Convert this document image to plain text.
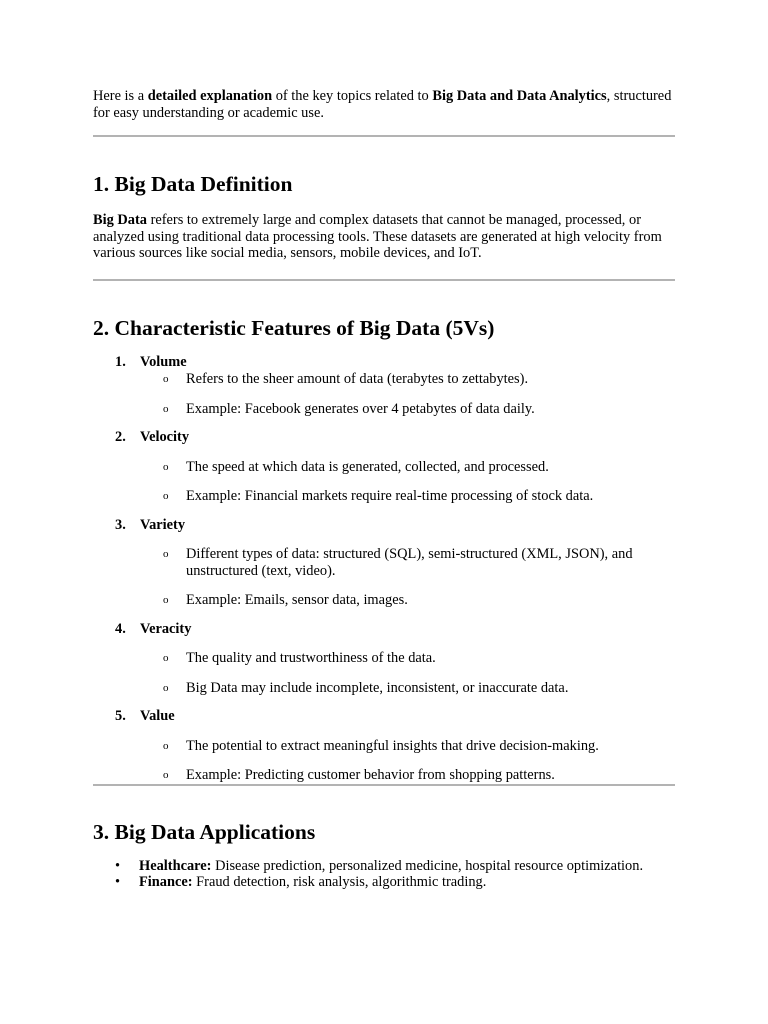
Here is a detailed explanation of the key topics related to Big Data and Data Analytics, structured for easy understanding or academic use.

1. Big Data Definition

Big Data refers to extremely large and complex datasets that cannot be managed, processed, or analyzed using traditional data processing tools. These datasets are generated at high velocity from various sources like social media, sensors, mobile devices, and IoT.

2. Characteristic Features of Big Data (5Vs)
1. Volume
o Refers to the sheer amount of data (terabytes to zettabytes).
o Example: Facebook generates over 4 petabytes of data daily.
2. Velocity
o The speed at which data is generated, collected, and processed.
o Example: Financial markets require real-time processing of stock data.
3. Variety
o Different types of data: structured (SQL), semi-structured (XML, JSON), and unstructured (text, video).
o Example: Emails, sensor data, images.
4. Veracity
o The quality and trustworthiness of the data.
o Big Data may include incomplete, inconsistent, or inaccurate data.
5. Value
o The potential to extract meaningful insights that drive decision-making.
o Example: Predicting customer behavior from shopping patterns.
3. Big Data Applications
• Healthcare: Disease prediction, personalized medicine, hospital resource optimization.
• Finance: Fraud detection, risk analysis, algorithmic trading.
